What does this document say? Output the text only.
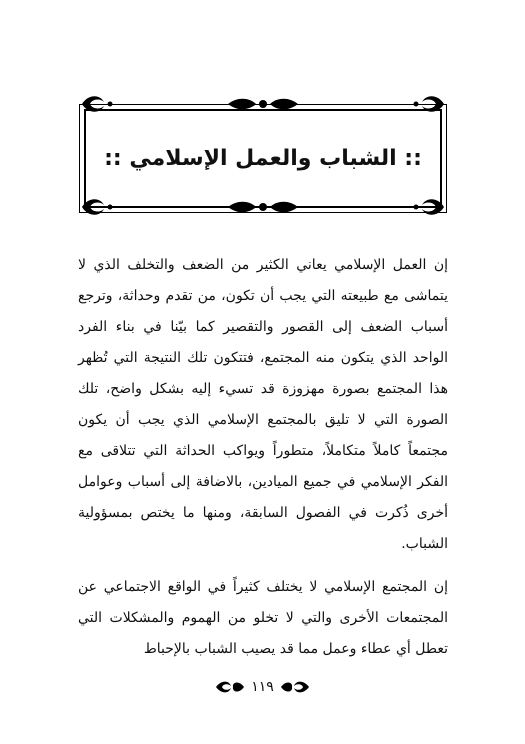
:: الشباب والعمل الإسلامي ::

إن العمل الإسلامي يعاني الكثير من الضعف والتخلف الذي لا يتماشى مع طبيعته التي يجب أن تكون، من تقدم وحداثة، وترجع أسباب الضعف إلى القصور والتقصير كما بيّنا في بناء الفرد الواحد الذي يتكون منه المجتمع، فتتكون تلك النتيجة التي تُظهر هذا المجتمع بصورة مهزوزة قد تسيء إليه بشكل واضح، تلك الصورة التي لا تليق بالمجتمع الإسلامي الذي يجب أن يكون مجتمعاً كاملاً متكاملاً، متطوراً ويواكب الحداثة التي تتلاقى مع الفكر الإسلامي في جميع الميادين، بالاضافة إلى أسباب وعوامل أخرى ذُكرت في الفصول السابقة، ومنها ما يختص بمسؤولية الشباب.

إن المجتمع الإسلامي لا يختلف كثيراً في الواقع الاجتماعي عن المجتمعات الأخرى والتي لا تخلو من الهموم والمشكلات التي تعطل أي عطاء وعمل مما قد يصيب الشباب بالإحباط

١١٩
